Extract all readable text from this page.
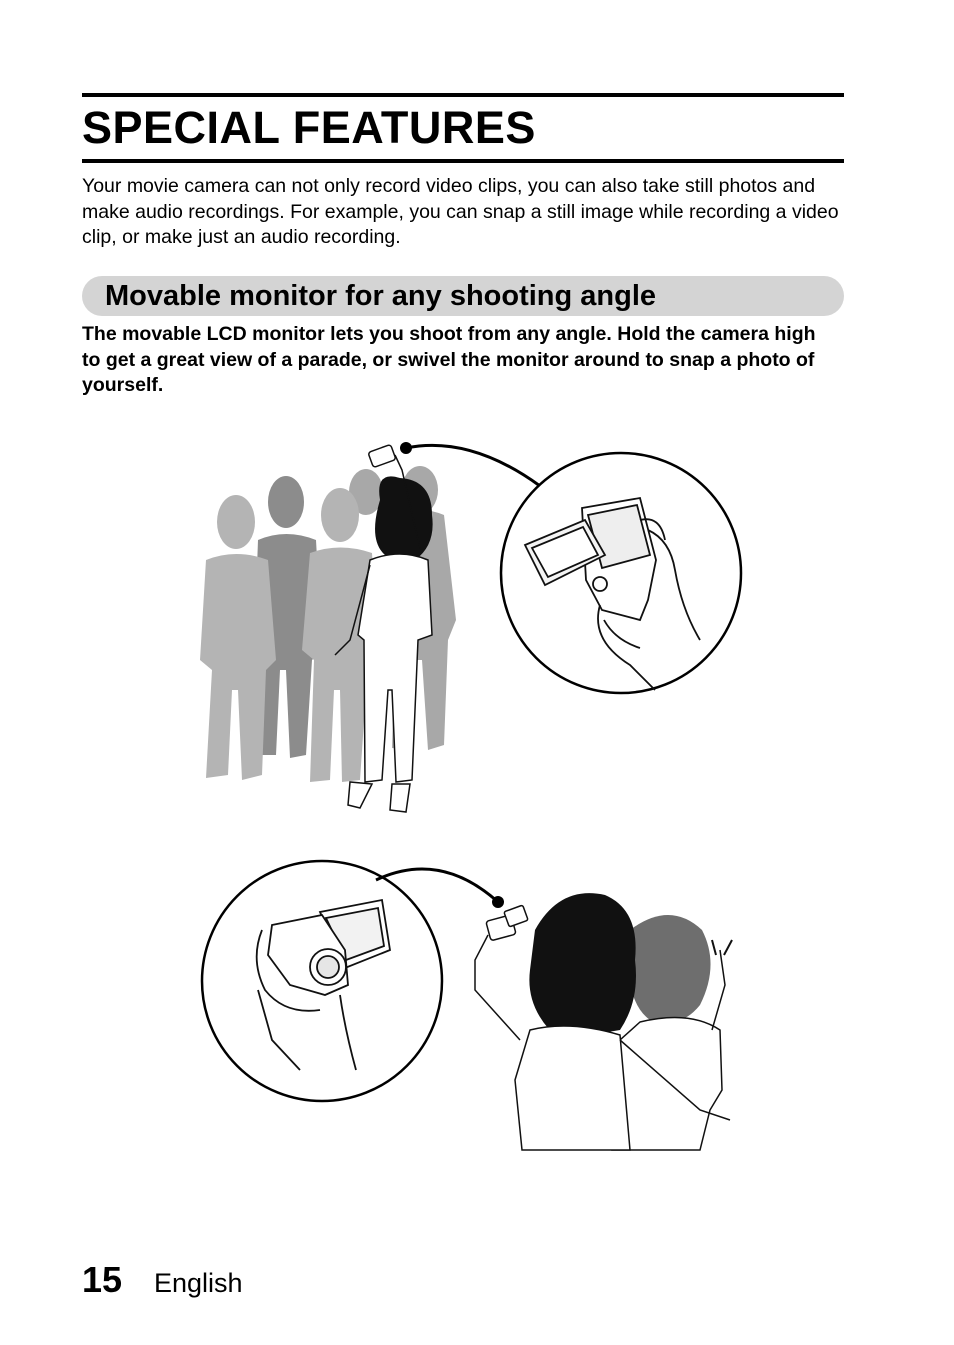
SPECIAL FEATURES

Your movie camera can not only record video clips, you can also take still photos and make audio recordings. For example, you can snap a still image while recording a video clip, or make just an audio recording.

Movable monitor for any shooting angle

The movable LCD monitor lets you shoot from any angle. Hold the camera high to get a great view of a parade, or swivel the monitor around to snap a photo of yourself.

15 English
